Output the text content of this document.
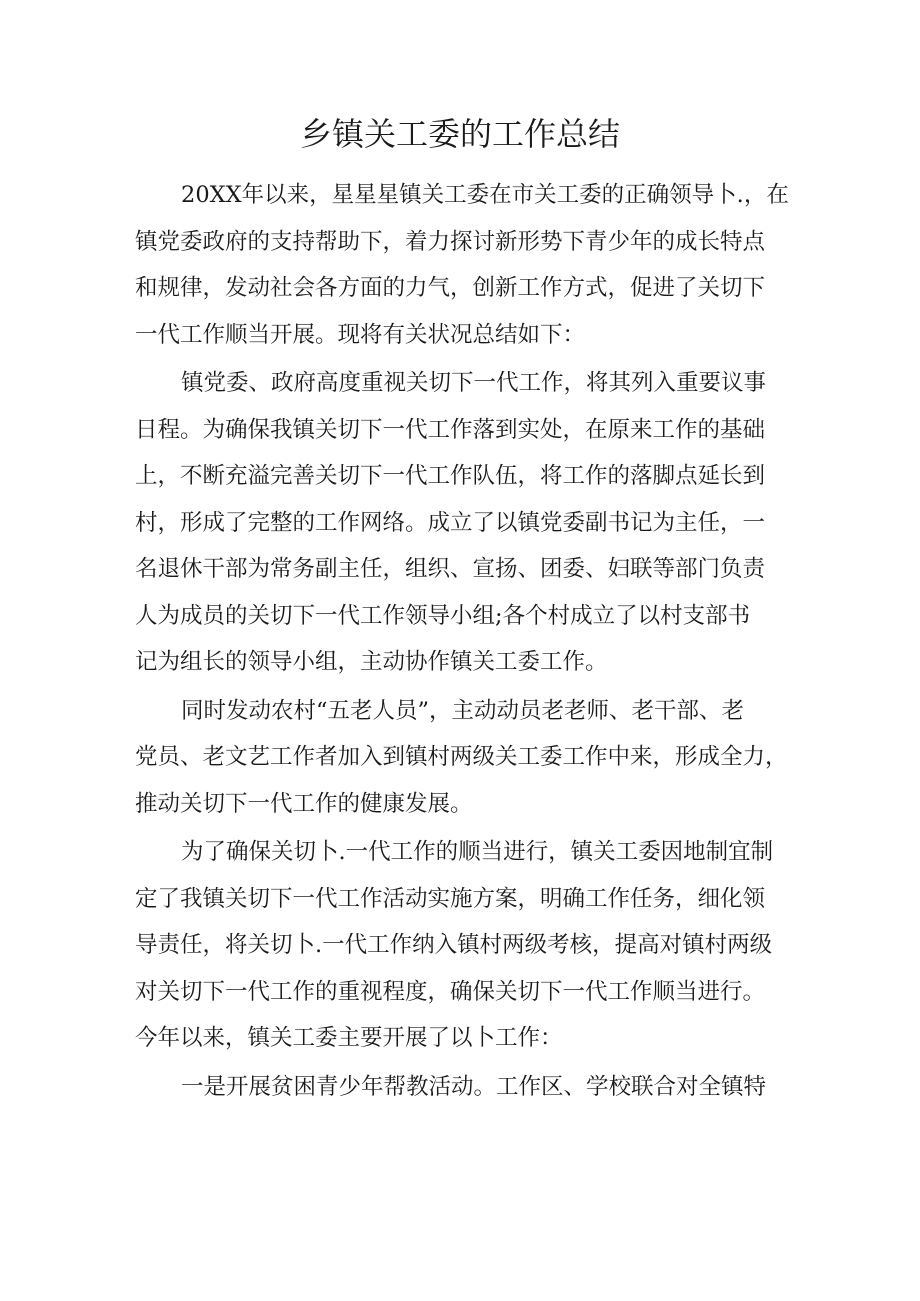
乡镇关工委的工作总结
20XX年以来，星星星镇关工委在市关工委的正确领导卜.，在
镇党委政府的支持帮助下，着力探讨新形势下青少年的成长特点
和规律，发动社会各方面的力气，创新工作方式，促进了关切下
一代工作顺当开展。现将有关状况总结如下：
镇党委、政府高度重视关切下一代工作，将其列入重要议事
日程。为确保我镇关切下一代工作落到实处，在原来工作的基础
上，不断充溢完善关切下一代工作队伍，将工作的落脚点延长到
村，形成了完整的工作网络。成立了以镇党委副书记为主任，一
名退休干部为常务副主任，组织、宣扬、团委、妇联等部门负责
人为成员的关切下一代工作领导小组;各个村成立了以村支部书
记为组长的领导小组，主动协作镇关工委工作。
同时发动农村“五老人员”，主动动员老老师、老干部、老
党员、老文艺工作者加入到镇村两级关工委工作中来，形成全力，
推动关切下一代工作的健康发展。
为了确保关切卜.一代工作的顺当进行，镇关工委因地制宜制
定了我镇关切下一代工作活动实施方案，明确工作任务，细化领
导责任，将关切卜.一代工作纳入镇村两级考核，提高对镇村两级
对关切下一代工作的重视程度，确保关切下一代工作顺当进行。
今年以来，镇关工委主要开展了以卜工作：
一是开展贫困青少年帮教活动。工作区、学校联合对全镇特
